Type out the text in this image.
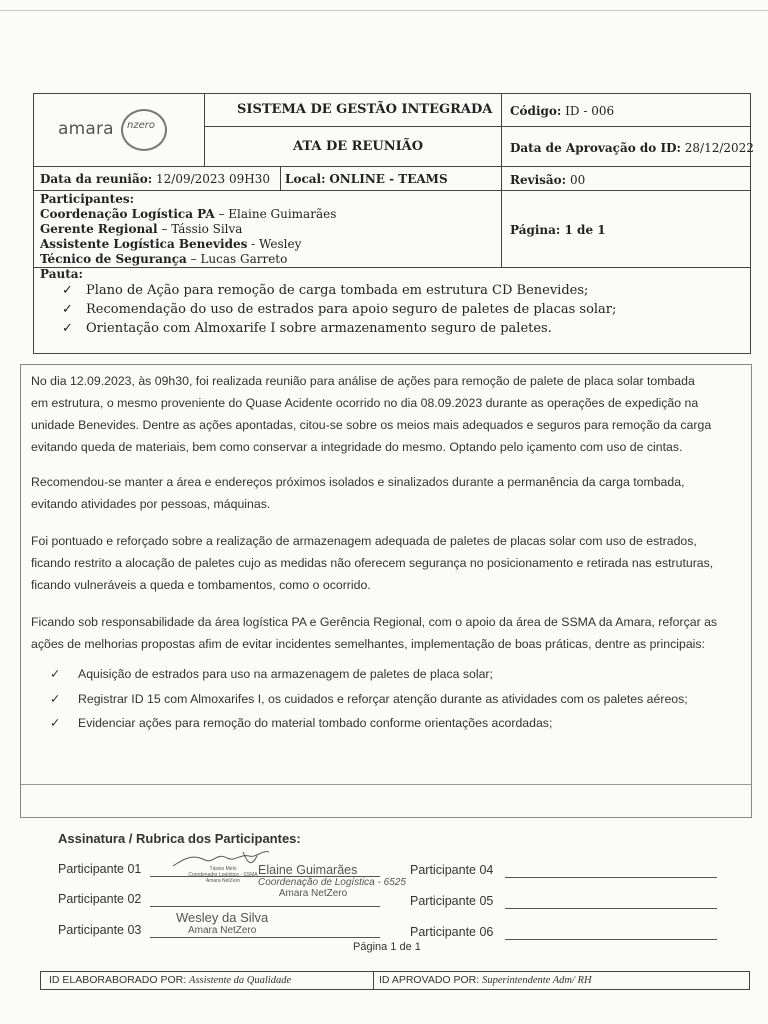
amara nzero
SISTEMA DE GESTÃO INTEGRADA
ATA DE REUNIÃO
Código: ID - 006
Data de Aprovação do ID: 28/12/2022
Data da reunião: 12/09/2023 09H30 Local: ONLINE - TEAMS	Revisão: 00
Participantes:
Coordenação Logística PA – Elaine Guimarães
Gerente Regional – Tássio Silva
Assistente Logística Benevides - Wesley
Técnico de Segurança – Lucas Garreto
Página: 1 de 1
Pauta:
✓ Plano de Ação para remoção de carga tombada em estrutura CD Benevides;
✓ Recomendação do uso de estrados para apoio seguro de paletes de placas solar;
✓ Orientação com Almoxarife I sobre armazenamento seguro de paletes.
No dia 12.09.2023, às 09h30, foi realizada reunião para análise de ações para remoção de palete de placa solar tombada
em estrutura, o mesmo proveniente do Quase Acidente ocorrido no dia 08.09.2023 durante as operações de expedição na
unidade Benevides. Dentre as ações apontadas, citou-se sobre os meios mais adequados e seguros para remoção da carga
evitando queda de materiais, bem como conservar a integridade do mesmo. Optando pelo içamento com uso de cintas.
Recomendou-se manter a área e endereços próximos isolados e sinalizados durante a permanência da carga tombada,
evitando atividades por pessoas, máquinas.
Foi pontuado e reforçado sobre a realização de armazenagem adequada de paletes de placas solar com uso de estrados,
ficando restrito a alocação de paletes cujo as medidas não oferecem segurança no posicionamento e retirada nas estruturas,
ficando vulneráveis a queda e tombamentos, como o ocorrido.
Ficando sob responsabilidade da área logística PA e Gerência Regional, com o apoio da área de SSMA da Amara, reforçar as
ações de melhorias propostas afim de evitar incidentes semelhantes, implementação de boas práticas, dentre as principais:
✓ Aquisição de estrados para uso na armazenagem de paletes de placa solar;
✓ Registrar ID 15 com Almoxarifes I, os cuidados e reforçar atenção durante as atividades com os paletes aéreos;
✓ Evidenciar ações para remoção do material tombado conforme orientações acordadas;
Assinatura / Rubrica dos Participantes:
Participante 01
Participante 02
Participante 03
Participante 04
Participante 05
Participante 06
Tássio Melo
Coordenador Logístico - SSMA
Amara NetZero
Elaine Guimarães
Coordenação de Logística - 6525
Amara NetZero
Wesley da Silva
Amara NetZero
Página 1 de 1
ID ELABORABORADO POR: Assistente da Qualidade	ID APROVADO POR: Superintendente Adm/ RH
